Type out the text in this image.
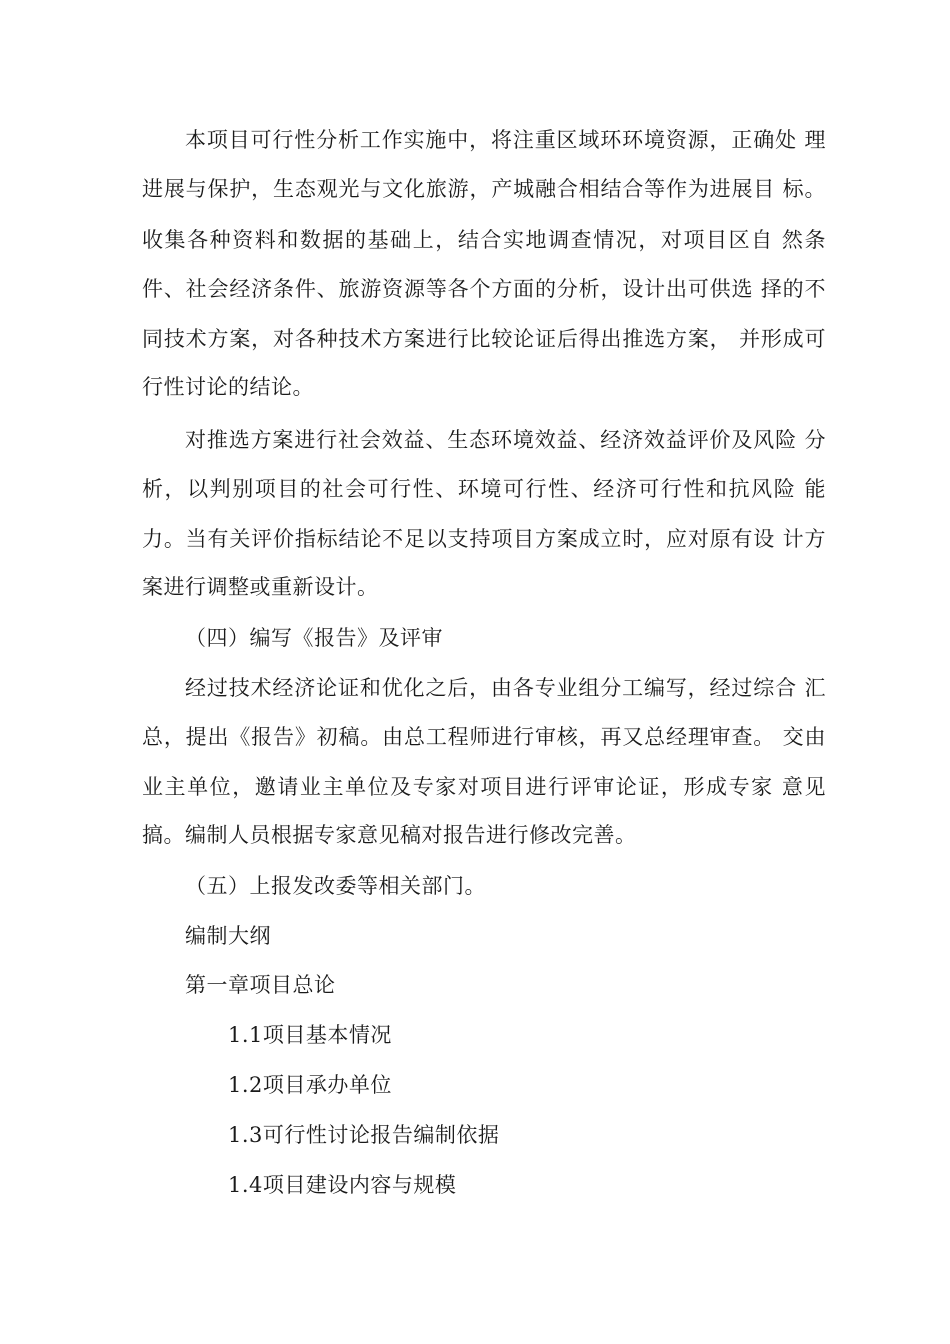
本项目可行性分析工作实施中，将注重区域环环境资源，正确处 理
进展与保护，生态观光与文化旅游，产城融合相结合等作为进展目 标。
收集各种资料和数据的基础上，结合实地调查情况，对项目区自 然条
件、社会经济条件、旅游资源等各个方面的分析，设计出可供选 择的不
同技术方案，对各种技术方案进行比较论证后得出推选方案， 并形成可
行性讨论的结论。
对推选方案进行社会效益、生态环境效益、经济效益评价及风险 分
析，以判别项目的社会可行性、环境可行性、经济可行性和抗风险 能
力。当有关评价指标结论不足以支持项目方案成立时，应对原有设 计方
案进行调整或重新设计。
（四）编写《报告》及评审
经过技术经济论证和优化之后，由各专业组分工编写，经过综合 汇
总，提出《报告》初稿。由总工程师进行审核，再又总经理审查。 交由
业主单位，邀请业主单位及专家对项目进行评审论证，形成专家 意见
搞。编制人员根据专家意见稿对报告进行修改完善。
（五）上报发改委等相关部门。
编制大纲
第一章项目总论
1.1项目基本情况
1.2项目承办单位
1.3可行性讨论报告编制依据
1.4项目建设内容与规模
